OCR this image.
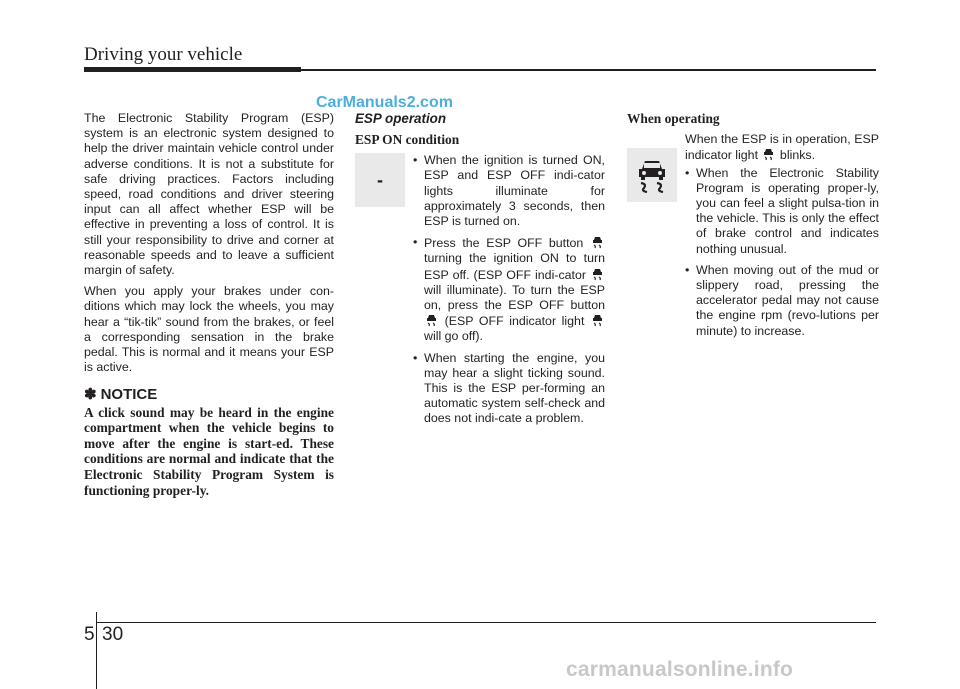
Driving your vehicle
CarManuals2.com

The Electronic Stability Program (ESP) system is an electronic system designed to help the driver maintain vehicle control under adverse conditions. It is not a substitute for safe driving practices. Factors including speed, road conditions and driver steering input can all affect whether ESP will be effective in preventing a loss of control. It is still your responsibility to drive and corner at reasonable speeds and to leave a sufficient margin of safety.

When you apply your brakes under con-ditions which may lock the wheels, you may hear a “tik-tik” sound from the brakes, or feel a corresponding sensation in the brake pedal. This is normal and it means your ESP is active.

✽ NOTICE

A click sound may be heard in the engine compartment when the vehicle begins to move after the engine is start-ed. These conditions are normal and indicate that the Electronic Stability Program System is functioning proper-ly.

ESP operation

ESP ON condition

-
• When the ignition is turned ON, ESP and ESP OFF indi-cator lights illuminate for approximately 3 seconds, then ESP is turned on.
• Press the ESP OFF button  turning the ignition ON to turn ESP off. (ESP OFF indi-cator  will illuminate). To turn the ESP on, press the ESP OFF button  (ESP OFF indicator light  will go off).
• When starting the engine, you may hear a slight ticking sound. This is the ESP per-forming an automatic system self-check and does not indi-cate a problem.

When operating

When the ESP is in operation, ESP indicator light blinks.

• When the Electronic Stability Program is operating proper-ly, you can feel a slight pulsa-tion in the vehicle. This is only the effect of brake control and indicates nothing unusual.
• When moving out of the mud or slippery road, pressing the accelerator pedal may not cause the engine rpm (revo-lutions per minute) to increase.
5 30
carmanualsonline.info
